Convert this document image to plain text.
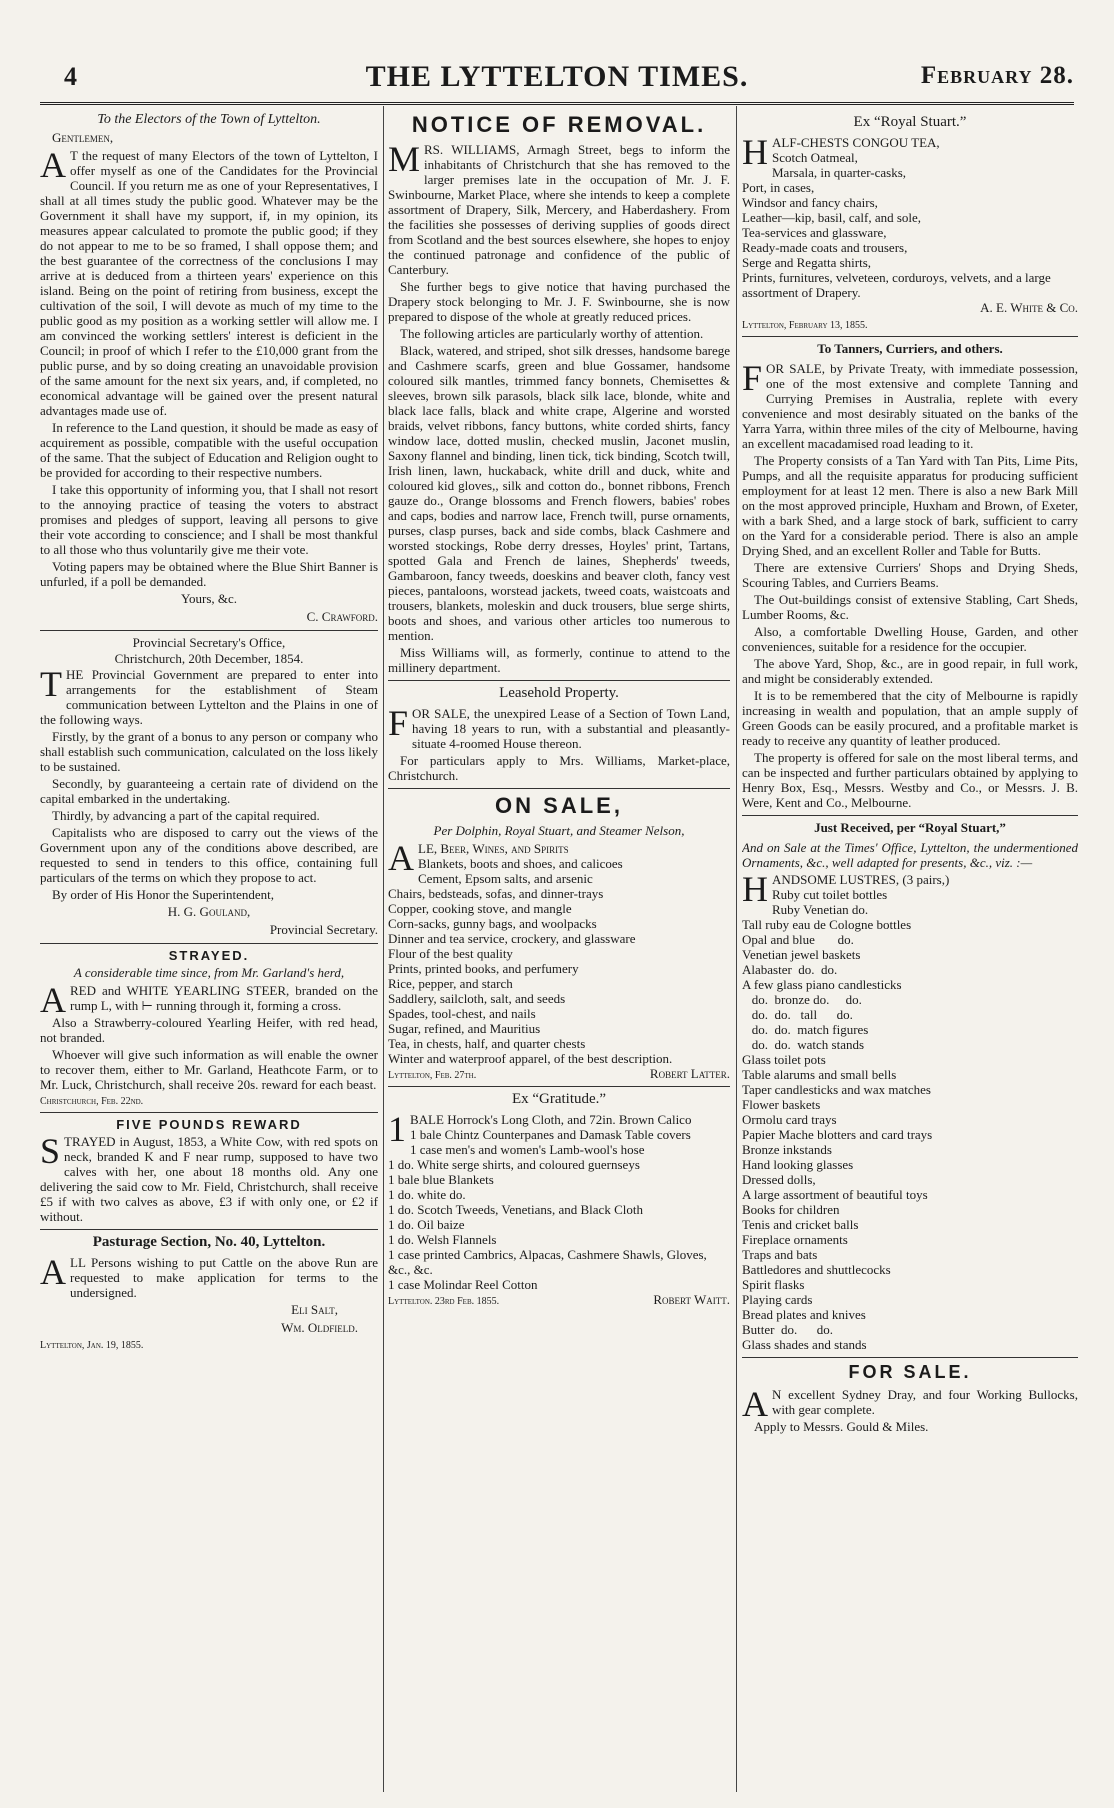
4	THE LYTTELTON TIMES.	February 28.
To the Electors of the Town of Lyttelton.
Gentlemen,

A T the request of many Electors of the town of Lyttelton, I offer myself as one of the Candidates for the Provincial Council. If you return me as one of your Representatives, I shall at all times study the public good. Whatever may be the Government it shall have my support, if, in my opinion, its measures appear calculated to promote the public good; if they do not appear to me to be so framed, I shall oppose them; and the best guarantee of the correctness of the conclusions I may arrive at is deduced from a thirteen years' experience on this island. Being on the point of retiring from business, except the cultivation of the soil, I will devote as much of my time to the public good as my position as a working settler will allow me. I am convinced the working settlers' interest is deficient in the Council; in proof of which I refer to the £10,000 grant from the public purse, and by so doing creating an unavoidable provision of the same amount for the next six years, and, if completed, no economical advantage will be gained over the present natural advantages made use of.

In reference to the Land question, it should be made as easy of acquirement as possible, compatible with the useful occupation of the same. That the subject of Education and Religion ought to be provided for according to their respective numbers.

I take this opportunity of informing you, that I shall not resort to the annoying practice of teasing the voters to abstract promises and pledges of support, leaving all persons to give their vote according to conscience; and I shall be most thankful to all those who thus voluntarily give me their vote.

Voting papers may be obtained where the Blue Shirt Banner is unfurled, if a poll be demanded.

Yours, &c.
C. Crawford.
Provincial Secretary's Office,
Christchurch, 20th December, 1854.

THE Provincial Government are prepared to enter into arrangements for the establishment of Steam communication between Lyttelton and the Plains in one of the following ways.

Firstly, by the grant of a bonus to any person or company who shall establish such communication, calculated on the loss likely to be sustained.

Secondly, by guaranteeing a certain rate of dividend on the capital embarked in the undertaking.

Thirdly, by advancing a part of the capital required.

Capitalists who are disposed to carry out the views of the Government upon any of the conditions above described, are requested to send in tenders to this office, containing full particulars of the terms on which they propose to act.

By order of His Honor the Superintendent,

H. G. Gouland,
Provincial Secretary.
STRAYED.
A considerable time since, from Mr. Garland's herd,

ARED and WHITE YEARLING STEER, branded on the rump L, with ⊢ running through it, forming a cross.

Also a Strawberry-coloured Yearling Heifer, with red head, not branded.

Whoever will give such information as will enable the owner to recover them, either to Mr. Garland, Heathcote Farm, or to Mr. Luck, Christchurch, shall receive 20s. reward for each beast.

Christchurch, Feb. 22nd.
FIVE POUNDS REWARD

STRAYED in August, 1853, a White Cow, with red spots on neck, branded K and F near rump, supposed to have two calves with her, one about 18 months old. Any one delivering the said cow to Mr. Field, Christchurch, shall receive £5 if with two calves as above, £3 if with only one, or £2 if without.

Pasturage Section, No. 40, Lyttelton.

ALL Persons wishing to put Cattle on the above Run are requested to make application for terms to the undersigned.

Eli Salt,
Wm. Oldfield.
Lyttelton, Jan. 19, 1855.
NOTICE OF REMOVAL.

MRS. WILLIAMS, Armagh Street, begs to inform the inhabitants of Christchurch that she has removed to the larger premises late in the occupation of Mr. J. F. Swinbourne, Market Place, where she intends to keep a complete assortment of Drapery, Silk, Mercery, and Haberdashery. From the facilities she possesses of deriving supplies of goods direct from Scotland and the best sources elsewhere, she hopes to enjoy the continued patronage and confidence of the public of Canterbury.

She further begs to give notice that having purchased the Drapery stock belonging to Mr. J. F. Swinbourne, she is now prepared to dispose of the whole at greatly reduced prices.

The following articles are particularly worthy of attention.

Black, watered, and striped, shot silk dresses, handsome barege and Cashmere scarfs, green and blue Gossamer, handsome coloured silk mantles, trimmed fancy bonnets, Chemisettes & sleeves, brown silk parasols, black silk lace, blonde, white and black lace falls, black and white crape, Algerine and worsted braids, velvet ribbons, fancy buttons, white corded shirts, fancy window lace, dotted muslin, checked muslin, Jaconet muslin, Saxony flannel and binding, linen tick, tick binding, Scotch twill, Irish linen, lawn, huckaback, white drill and duck, white and coloured kid gloves,, silk and cotton do., bonnet ribbons, French gauze do., Orange blossoms and French flowers, babies' robes and caps, bodies and narrow lace, French twill, purse ornaments, purses, clasp purses, back and side combs, black Cashmere and worsted stockings, Robe derry dresses, Hoyles' print, Tartans, spotted Gala and French de laines, Shepherds' tweeds, Gambaroon, fancy tweeds, doeskins and beaver cloth, fancy vest pieces, pantaloons, worstead jackets, tweed coats, waistcoats and trousers, blankets, moleskin and duck trousers, blue serge shirts, boots and shoes, and various other articles too numerous to mention.

Miss Williams will, as formerly, continue to attend to the millinery department.

Leasehold Property.

FOR SALE, the unexpired Lease of a Section of Town Land, having 18 years to run, with a substantial and pleasantly-situate 4-roomed House thereon.

For particulars apply to Mrs. Williams, Market-place, Christchurch.

ON SALE,
Per Dolphin, Royal Stuart, and Steamer Nelson,

ALE, Beer, Wines, and Spirits

Blankets, boots and shoes, and calicoes

Cement, Epsom salts, and arsenic

Chairs, bedsteads, sofas, and dinner-trays

Copper, cooking stove, and mangle

Corn-sacks, gunny bags, and woolpacks

Dinner and tea service, crockery, and glassware

Flour of the best quality

Prints, printed books, and perfumery

Rice, pepper, and starch

Saddlery, sailcloth, salt, and seeds

Spades, tool-chest, and nails

Sugar, refined, and Mauritius

Tea, in chests, half, and quarter chests

Winter and waterproof apparel, of the best description.

Robert Latter.
Lyttelton, Feb. 27th.
Ex “Gratitude.”

1 BALE Horrock's Long Cloth, and 72in. Brown Calico

1 bale Chintz Counterpanes and Damask Table covers

1 case men's and women's Lamb-wool's hose

1 do. White serge shirts, and coloured guernseys

1 bale blue Blankets

1 do. white do.

1 do. Scotch Tweeds, Venetians, and Black Cloth

1 do. Oil baize

1 do. Welsh Flannels

1 case printed Cambrics, Alpacas, Cashmere Shawls, Gloves, &c., &c.

1 case Molindar Reel Cotton

Robert Waitt.
Lyttelton. 23rd Feb. 1855.
Ex “Royal Stuart.”

HALF-CHESTS CONGOU TEA,

Scotch Oatmeal,

Marsala, in quarter-casks,

Port, in cases,

Windsor and fancy chairs,

Leather—kip, basil, calf, and sole,

Tea-services and glassware,

Ready-made coats and trousers,

Serge and Regatta shirts,

Prints, furnitures, velveteen, corduroys, velvets, and a large assortment of Drapery.

A. E. White & Co.
Lyttelton, February 13, 1855.
To Tanners, Curriers, and others.

FOR SALE, by Private Treaty, with immediate possession, one of the most extensive and complete Tanning and Currying Premises in Australia, replete with every convenience and most desirably situated on the banks of the Yarra Yarra, within three miles of the city of Melbourne, having an excellent macadamised road leading to it.

The Property consists of a Tan Yard with Tan Pits, Lime Pits, Pumps, and all the requisite apparatus for producing sufficient employment for at least 12 men. There is also a new Bark Mill on the most approved principle, Huxham and Brown, of Exeter, with a bark Shed, and a large stock of bark, sufficient to carry on the Yard for a considerable period. There is also an ample Drying Shed, and an excellent Roller and Table for Butts.

There are extensive Curriers' Shops and Drying Sheds, Scouring Tables, and Curriers Beams.

The Out-buildings consist of extensive Stabling, Cart Sheds, Lumber Rooms, &c.

Also, a comfortable Dwelling House, Garden, and other conveniences, suitable for a residence for the occupier.

The above Yard, Shop, &c., are in good repair, in full work, and might be considerably extended.

It is to be remembered that the city of Melbourne is rapidly increasing in wealth and population, that an ample supply of Green Goods can be easily procured, and a profitable market is ready to receive any quantity of leather produced.

The property is offered for sale on the most liberal terms, and can be inspected and further particulars obtained by applying to Henry Box, Esq., Messrs. Westby and Co., or Messrs. J. B. Were, Kent and Co., Melbourne.

Just Received, per “Royal Stuart,”

And on Sale at the Times' Office, Lyttelton, the undermentioned Ornaments, &c., well adapted for presents, &c., viz. :—

HANDSOME LUSTRES, (3 pairs,)

Ruby cut toilet bottles

Ruby Venetian do.

Tall ruby eau de Cologne bottles

Opal and blue       do.

Venetian jewel baskets

Alabaster  do.  do.

A few glass piano candlesticks

do.  bronze do.     do.

do.  do.   tall      do.

do.  do.  match figures

do.  do.  watch stands

Glass toilet pots

Table alarums and small bells

Taper candlesticks and wax matches

Flower baskets

Ormolu card trays

Papier Mache blotters and card trays

Bronze inkstands

Hand looking glasses

Dressed dolls,

A large assortment of beautiful toys

Books for children

Tenis and cricket balls

Fireplace ornaments

Traps and bats

Battledores and shuttlecocks

Spirit flasks

Playing cards

Bread plates and knives

Butter  do.      do.

Glass shades and stands

FOR SALE.

A N excellent Sydney Dray, and four Working Bullocks, with gear complete.

Apply to Messrs. Gould & Miles.
